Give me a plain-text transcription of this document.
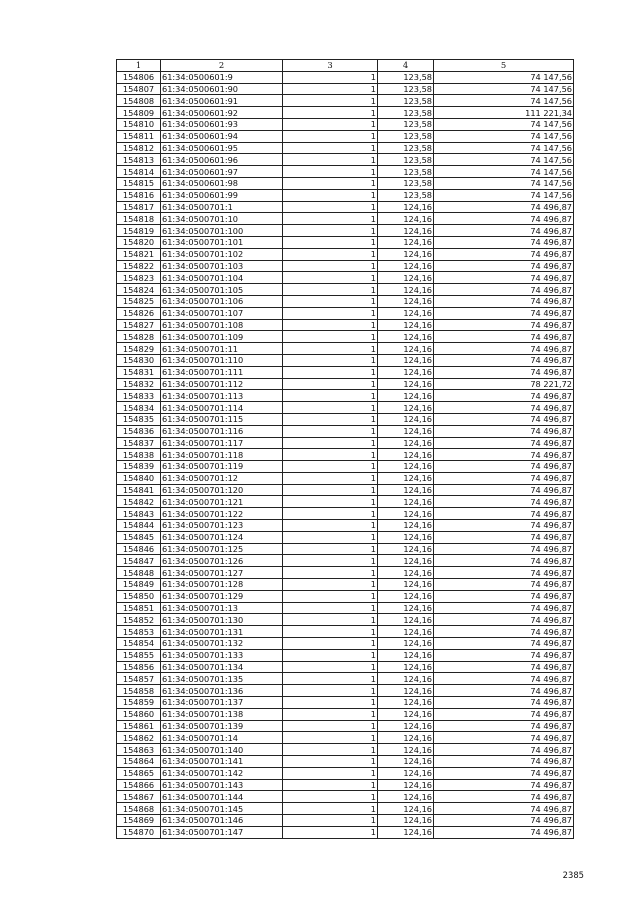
1	2	3	4	5
154806	61:34:0500601:9	1	123,58	74 147,56
154807	61:34:0500601:90	1	123,58	74 147,56
154808	61:34:0500601:91	1	123,58	74 147,56
154809	61:34:0500601:92	1	123,58	111 221,34
154810	61:34:0500601:93	1	123,58	74 147,56
154811	61:34:0500601:94	1	123,58	74 147,56
154812	61:34:0500601:95	1	123,58	74 147,56
154813	61:34:0500601:96	1	123,58	74 147,56
154814	61:34:0500601:97	1	123,58	74 147,56
154815	61:34:0500601:98	1	123,58	74 147,56
154816	61:34:0500601:99	1	123,58	74 147,56
154817	61:34:0500701:1	1	124,16	74 496,87
154818	61:34:0500701:10	1	124,16	74 496,87
154819	61:34:0500701:100	1	124,16	74 496,87
154820	61:34:0500701:101	1	124,16	74 496,87
154821	61:34:0500701:102	1	124,16	74 496,87
154822	61:34:0500701:103	1	124,16	74 496,87
154823	61:34:0500701:104	1	124,16	74 496,87
154824	61:34:0500701:105	1	124,16	74 496,87
154825	61:34:0500701:106	1	124,16	74 496,87
154826	61:34:0500701:107	1	124,16	74 496,87
154827	61:34:0500701:108	1	124,16	74 496,87
154828	61:34:0500701:109	1	124,16	74 496,87
154829	61:34:0500701:11	1	124,16	74 496,87
154830	61:34:0500701:110	1	124,16	74 496,87
154831	61:34:0500701:111	1	124,16	74 496,87
154832	61:34:0500701:112	1	124,16	78 221,72
154833	61:34:0500701:113	1	124,16	74 496,87
154834	61:34:0500701:114	1	124,16	74 496,87
154835	61:34:0500701:115	1	124,16	74 496,87
154836	61:34:0500701:116	1	124,16	74 496,87
154837	61:34:0500701:117	1	124,16	74 496,87
154838	61:34:0500701:118	1	124,16	74 496,87
154839	61:34:0500701:119	1	124,16	74 496,87
154840	61:34:0500701:12	1	124,16	74 496,87
154841	61:34:0500701:120	1	124,16	74 496,87
154842	61:34:0500701:121	1	124,16	74 496,87
154843	61:34:0500701:122	1	124,16	74 496,87
154844	61:34:0500701:123	1	124,16	74 496,87
154845	61:34:0500701:124	1	124,16	74 496,87
154846	61:34:0500701:125	1	124,16	74 496,87
154847	61:34:0500701:126	1	124,16	74 496,87
154848	61:34:0500701:127	1	124,16	74 496,87
154849	61:34:0500701:128	1	124,16	74 496,87
154850	61:34:0500701:129	1	124,16	74 496,87
154851	61:34:0500701:13	1	124,16	74 496,87
154852	61:34:0500701:130	1	124,16	74 496,87
154853	61:34:0500701:131	1	124,16	74 496,87
154854	61:34:0500701:132	1	124,16	74 496,87
154855	61:34:0500701:133	1	124,16	74 496,87
154856	61:34:0500701:134	1	124,16	74 496,87
154857	61:34:0500701:135	1	124,16	74 496,87
154858	61:34:0500701:136	1	124,16	74 496,87
154859	61:34:0500701:137	1	124,16	74 496,87
154860	61:34:0500701:138	1	124,16	74 496,87
154861	61:34:0500701:139	1	124,16	74 496,87
154862	61:34:0500701:14	1	124,16	74 496,87
154863	61:34:0500701:140	1	124,16	74 496,87
154864	61:34:0500701:141	1	124,16	74 496,87
154865	61:34:0500701:142	1	124,16	74 496,87
154866	61:34:0500701:143	1	124,16	74 496,87
154867	61:34:0500701:144	1	124,16	74 496,87
154868	61:34:0500701:145	1	124,16	74 496,87
154869	61:34:0500701:146	1	124,16	74 496,87
154870	61:34:0500701:147	1	124,16	74 496,87
2385
